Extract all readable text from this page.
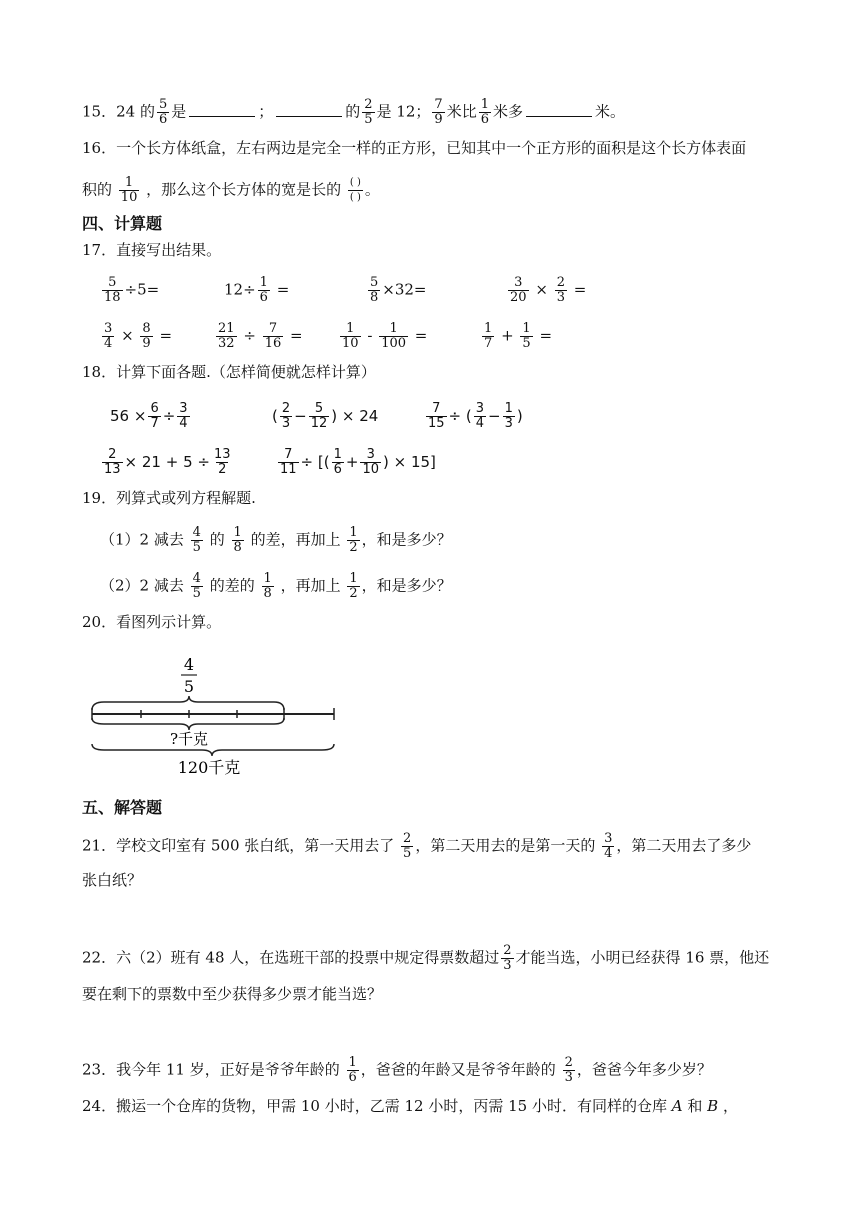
15．24 的 $\frac{5}{6}$ 是	；	的 $\frac{2}{5}$ 是 12； $\frac{7}{9}$ 米比 $\frac{1}{6}$ 米多	米。
16．一个长方体纸盒，左右两边是完全一样的正方形，已知其中一个正方形的面积是这个长方体表面
积的 $\frac{1}{10}$ ，那么这个长方体的宽是长的 $\frac{( )}{( )}$ 。
四、计算题
17．直接写出结果。
$\frac{5}{18} \div 5=$	$12\div \frac{1}{6}$ =	$\frac{5}{8} \times 32=$	$\frac{3}{20} \times \frac{2}{3}$ =
$\frac{3}{4} \times \frac{8}{9}$ =	$\frac{21}{32} \div \frac{7}{16}$ =	$\frac{1}{10} - \frac{1}{100}$ =	$\frac{1}{7} + \frac{1}{5}$ =
18．计算下面各题.（怎样简便就怎样计算）
$56 \times \frac{6}{7} \div \frac{3}{4}$	( $\frac{2}{3} - \frac{5}{12}$ ) × 24	$\frac{7}{15}$ ÷ ( $\frac{3}{4} - \frac{1}{3}$ )
$\frac{2}{13} \times 21 + 5 \div \frac{13}{2}$	$\frac{7}{11}$ ÷ [( $\frac{1}{6} + \frac{3}{10}$ ) × 15]
19．列算式或列方程解题.
（1）2 减去 $\frac{4}{5}$ 的 $\frac{1}{8}$ 的差，再加上 $\frac{1}{2}$ ，和是多少？
（2）2 减去 $\frac{4}{5}$ 的差的 $\frac{1}{8}$ ，再加上 $\frac{1}{2}$ ，和是多少？
20．看图列示计算。
4
5
?千克
120千克
五、解答题
21．学校文印室有 500 张白纸，第一天用去了 $\frac{2}{5}$ ，第二天用去的是第一天的 $\frac{3}{4}$ ，第二天用去了多少
张白纸？
22．六（2）班有 48 人，在选班干部的投票中规定得票数超过 $\frac{2}{3}$ 才能当选，小明已经获得 16 票，他还
要在剩下的票数中至少获得多少票才能当选？
23．我今年 11 岁，正好是爷爷年龄的 $\frac{1}{6}$ ，爸爸的年龄又是爷爷年龄的 $\frac{2}{3}$ ，爸爸今年多少岁？
24．搬运一个仓库的货物，甲需 10 小时，乙需 12 小时，丙需 15 小时．有同样的仓库 A 和 B ，
